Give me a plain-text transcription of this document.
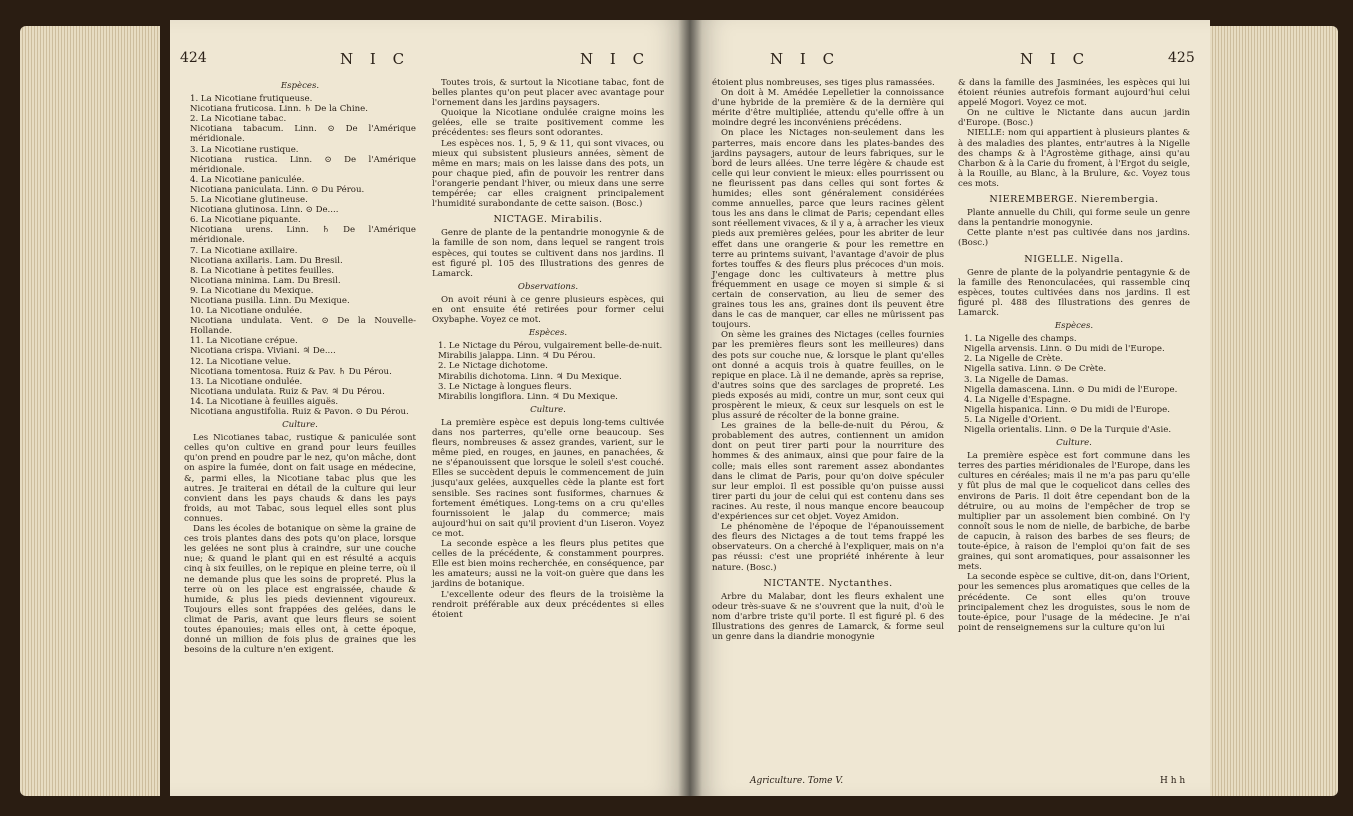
424	N I C	N I C

Espèces.

1. La Nicotiane frutiqueuse.

Nicotiana fruticosa. Linn. ♄ De la Chine.

2. La Nicotiane tabac.

Nicotiana tabacum. Linn. ⊙ De l'Amérique méridionale.

3. La Nicotiane rustique.

Nicotiana rustica. Linn. ⊙ De l'Amérique méridionale.

4. La Nicotiane paniculée.

Nicotiana paniculata. Linn. ⊙ Du Pérou.

5. La Nicotiane glutineuse.

Nicotiana glutinosa. Linn. ⊙ De....

6. La Nicotiane piquante.

Nicotiana urens. Linn. ♄ De l'Amérique méridionale.

7. La Nicotiane axillaire.

Nicotiana axillaris. Lam. Du Bresil.

8. La Nicotiane à petites feuilles.

Nicotiana minima. Lam. Du Bresil.

9. La Nicotiane du Mexique.

Nicotiana pusilla. Linn. Du Mexique.

10. La Nicotiane ondulée.

Nicotiana undulata. Vent. ⊙ De la Nouvelle-Hollande.

11. La Nicotiane crépue.

Nicotiana crispa. Viviani. ♃ De....

12. La Nicotiane velue.

Nicotiana tomentosa. Ruiz & Pav. ♄ Du Pérou.

13. La Nicotiane ondulée.

Nicotiana undulata. Ruiz & Pav. ♃ Du Pérou.

14. La Nicotiane à feuilles aiguës.

Nicotiana angustifolia. Ruiz & Pavon. ⊙ Du Pérou.

Culture.

Les Nicotianes tabac, rustique & paniculée sont celles qu'on cultive en grand pour leurs feuilles qu'on prend en poudre par le nez, qu'on mâche, dont on aspire la fumée, dont on fait usage en médecine, &, parmi elles, la Nicotiane tabac plus que les autres. Je traiterai en détail de la culture qui leur convient dans les pays chauds & dans les pays froids, au mot Tabac, sous lequel elles sont plus connues.

Dans les écoles de botanique on sème la graine de ces trois plantes dans des pots qu'on place, lorsque les gelées ne sont plus à craindre, sur une couche nue; & quand le plant qui en est résulté a acquis cinq à six feuilles, on le repique en pleine terre, où il ne demande plus que les soins de propreté. Plus la terre où on les place est engraissée, chaude & humide, & plus les pieds deviennent vigoureux. Toujours elles sont frappées des gelées, dans le climat de Paris, avant que leurs fleurs se soient toutes épanouies; mais elles ont, à cette époque, donné un million de fois plus de graines que les besoins de la culture n'en exigent.

Toutes trois, & surtout la Nicotiane tabac, font de belles plantes qu'on peut placer avec avantage pour l'ornement dans les jardins paysagers.

Quoique la Nicotiane ondulée craigne moins les gelées, elle se traite positivement comme les précédentes: ses fleurs sont odorantes.

Les espèces nos. 1, 5, 9 & 11, qui sont vivaces, ou mieux qui subsistent plusieurs années, sèment de même en mars; mais on les laisse dans des pots, un pour chaque pied, afin de pouvoir les rentrer dans l'orangerie pendant l'hiver, ou mieux dans une serre tempérée; car elles craignent principalement l'humidité surabondante de cette saison. (Bosc.)

NICTAGE. Mirabilis.

Genre de plante de la pentandrie monogynie & de la famille de son nom, dans lequel se rangent trois espèces, qui toutes se cultivent dans nos jardins. Il est figuré pl. 105 des Illustrations des genres de Lamarck.

Observations.

On avoit réuni à ce genre plusieurs espèces, qui en ont ensuite été retirées pour former celui Oxybaphe. Voyez ce mot.

Espèces.

1. Le Nictage du Pérou, vulgairement belle-de-nuit.

Mirabilis jalappa. Linn. ♃ Du Pérou.

2. Le Nictage dichotome.

Mirabilis dichotoma. Linn. ♃ Du Mexique.

3. Le Nictage à longues fleurs.

Mirabilis longiflora. Linn. ♃ Du Mexique.

Culture.

La première espèce est depuis long-tems cultivée dans nos parterres, qu'elle orne beaucoup. Ses fleurs, nombreuses & assez grandes, varient, sur le même pied, en rouges, en jaunes, en panachées, & ne s'épanouissent que lorsque le soleil s'est couché. Elles se succèdent depuis le commencement de juin jusqu'aux gelées, auxquelles cède la plante est fort sensible. Ses racines sont fusiformes, charnues & fortement émétiques. Long-tems on a cru qu'elles fournissoient le jalap du commerce; mais aujourd'hui on sait qu'il provient d'un Liseron. Voyez ce mot.

La seconde espèce a les fleurs plus petites que celles de la précédente, & constamment pourpres. Elle est bien moins recherchée, en conséquence, par les amateurs; aussi ne la voit-on guère que dans les jardins de botanique.

L'excellente odeur des fleurs de la troisième la rendroit préférable aux deux précédentes si elles étoient

N I C	N I C	425

étoient plus nombreuses, ses tiges plus ramassées.

On doit à M. Amédée Lepelletier la connoissance d'une hybride de la première & de la dernière qui mérite d'être multipliée, attendu qu'elle offre à un moindre degré les inconvéniens précédens.

On place les Nictages non-seulement dans les parterres, mais encore dans les plates-bandes des jardins paysagers, autour de leurs fabriques, sur le bord de leurs allées. Une terre légère & chaude est celle qui leur convient le mieux: elles pourrissent ou ne fleurissent pas dans celles qui sont fortes & humides; elles sont généralement considérées comme annuelles, parce que leurs racines gèlent tous les ans dans le climat de Paris; cependant elles sont réellement vivaces, & il y a, à arracher les vieux pieds aux premières gelées, pour les abriter de leur effet dans une orangerie & pour les remettre en terre au printems suivant, l'avantage d'avoir de plus fortes touffes & des fleurs plus précoces d'un mois. J'engage donc les cultivateurs à mettre plus fréquemment en usage ce moyen si simple & si certain de conservation, au lieu de semer des graines tous les ans, graines dont ils peuvent être dans le cas de manquer, car elles ne mûrissent pas toujours.

On sème les graines des Nictages (celles fournies par les premières fleurs sont les meilleures) dans des pots sur couche nue, & lorsque le plant qu'elles ont donné a acquis trois à quatre feuilles, on le repique en place. Là il ne demande, après sa reprise, d'autres soins que des sarclages de propreté. Les pieds exposés au midi, contre un mur, sont ceux qui prospèrent le mieux, & ceux sur lesquels on est le plus assuré de récolter de la bonne graine.

Les graines de la belle-de-nuit du Pérou, & probablement des autres, contiennent un amidon dont on peut tirer parti pour la nourriture des hommes & des animaux, ainsi que pour faire de la colle; mais elles sont rarement assez abondantes dans le climat de Paris, pour qu'on doive spéculer sur leur emploi. Il est possible qu'on puisse aussi tirer parti du jour de celui qui est contenu dans ses racines. Au reste, il nous manque encore beaucoup d'expériences sur cet objet. Voyez Amidon.

Le phénomène de l'époque de l'épanouissement des fleurs des Nictages a de tout tems frappé les observateurs. On a cherché à l'expliquer, mais on n'a pas réussi: c'est une propriété inhérente à leur nature. (Bosc.)

NICTANTE. Nyctanthes.

Arbre du Malabar, dont les fleurs exhalent une odeur très-suave & ne s'ouvrent que la nuit, d'où le nom d'arbre triste qu'il porte. Il est figuré pl. 6 des Illustrations des genres de Lamarck, & forme seul un genre dans la diandrie monogynie

& dans la famille des Jasminées, les espèces qui lui étoient réunies autrefois formant aujourd'hui celui appelé Mogori. Voyez ce mot.

On ne cultive le Nictante dans aucun jardin d'Europe. (Bosc.)

NIELLE: nom qui appartient à plusieurs plantes & à des maladies des plantes, entr'autres à la Nigelle des champs & à l'Agrostème githage, ainsi qu'au Charbon & à la Carie du froment, à l'Ergot du seigle, à la Rouille, au Blanc, à la Brulure, &c. Voyez tous ces mots.

NIEREMBERGE. Nierembergia.

Plante annuelle du Chili, qui forme seule un genre dans la pentandrie monogynie.

Cette plante n'est pas cultivée dans nos jardins. (Bosc.)

NIGELLE. Nigella.

Genre de plante de la polyandrie pentagynie & de la famille des Renonculacées, qui rassemble cinq espèces, toutes cultivées dans nos jardins. Il est figuré pl. 488 des Illustrations des genres de Lamarck.

Espèces.

1. La Nigelle des champs.

Nigella arvensis. Linn. ⊙ Du midi de l'Europe.

2. La Nigelle de Crète.

Nigella sativa. Linn. ⊙ De Crète.

3. La Nigelle de Damas.

Nigella damascena. Linn. ⊙ Du midi de l'Europe.

4. La Nigelle d'Espagne.

Nigella hispanica. Linn. ⊙ Du midi de l'Europe.

5. La Nigelle d'Orient.

Nigella orientalis. Linn. ⊙ De la Turquie d'Asie.

Culture.

La première espèce est fort commune dans les terres des parties méridionales de l'Europe, dans les cultures en céréales; mais il ne m'a pas paru qu'elle y fût plus de mal que le coquelicot dans celles des environs de Paris. Il doit être cependant bon de la détruire, ou au moins de l'empêcher de trop se multiplier par un assolement bien combiné. On l'y connoît sous le nom de nielle, de barbiche, de barbe de capucin, à raison des barbes de ses fleurs; de toute-épice, à raison de l'emploi qu'on fait de ses graines, qui sont aromatiques, pour assaisonner les mets.

La seconde espèce se cultive, dit-on, dans l'Orient, pour les semences plus aromatiques que celles de la précédente. Ce sont elles qu'on trouve principalement chez les droguistes, sous le nom de toute-épice, pour l'usage de la médecine. Je n'ai point de renseignemens sur la culture qu'on lui

Agriculture. Tome V.	H h h
